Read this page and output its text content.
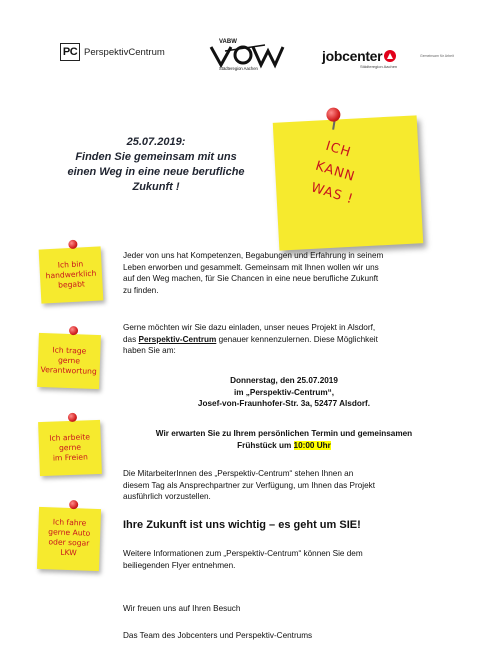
PC PerspektivCentrum
VABW
Städteregion Aachen
jobcenter
Städteregion Aachen
Gemeinsam für Arbeit
25.07.2019:
Finden Sie gemeinsam mit uns
einen Weg in eine neue berufliche
Zukunft !
ICH
KANN
WAS !
Ich bin
handwerklich
begabt
Ich trage
gerne
Verantwortung
Ich arbeite
gerne
im Freien
Ich fahre
gerne Auto
oder sogar
LKW
Jeder von uns hat Kompetenzen, Begabungen und Erfahrung in seinem
Leben erworben und gesammelt. Gemeinsam mit Ihnen wollen wir uns
auf den Weg machen, für Sie Chancen in eine neue berufliche Zukunft
zu finden.
Gerne möchten wir Sie dazu einladen, unser neues Projekt in Alsdorf,
das Perspektiv-Centrum genauer kennenzulernen. Diese Möglichkeit
haben Sie am:
Donnerstag, den 25.07.2019
im „Perspektiv-Centrum“,
Josef-von-Fraunhofer-Str. 3a, 52477 Alsdorf.
Wir erwarten Sie zu Ihrem persönlichen Termin und gemeinsamen
Frühstück um 10:00 Uhr
Die MitarbeiterInnen des „Perspektiv-Centrum“ stehen Ihnen an
diesem Tag als Ansprechpartner zur Verfügung, um Ihnen das Projekt
ausführlich vorzustellen.
Ihre Zukunft ist uns wichtig – es geht um SIE!
Weitere Informationen zum „Perspektiv-Centrum“ können Sie dem
beiliegenden Flyer entnehmen.
Wir freuen uns auf Ihren Besuch
Das Team des Jobcenters und Perspektiv-Centrums
